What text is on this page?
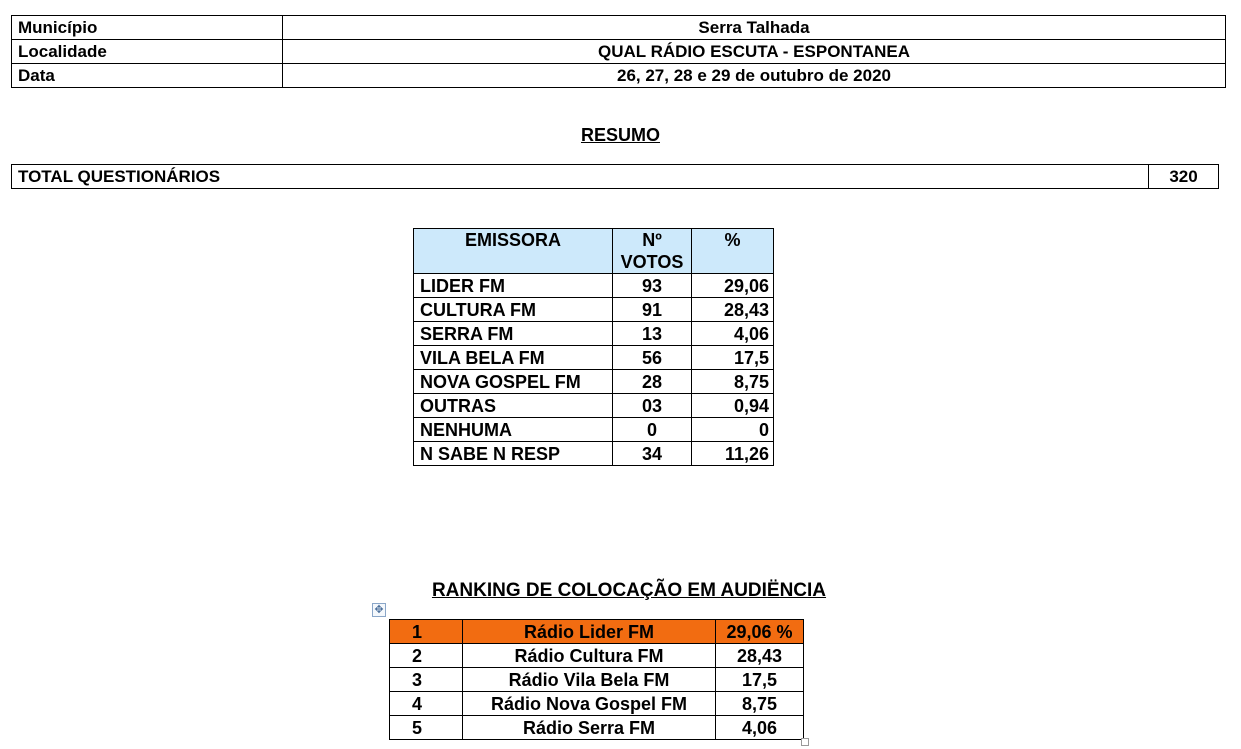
Município	Serra Talhada
Localidade	QUAL RÁDIO ESCUTA - ESPONTANEA
Data	26, 27, 28 e 29 de outubro de 2020
RESUMO
TOTAL QUESTIONÁRIOS	320
EMISSORA	Nº VOTOS	%
LIDER FM	93	29,06
CULTURA FM	91	28,43
SERRA FM	13	4,06
VILA BELA FM	56	17,5
NOVA GOSPEL FM	28	8,75
OUTRAS	03	0,94
NENHUMA	0	0
N SABE N RESP	34	11,26
RANKING DE COLOCAÇÃO EM AUDIËNCIA
✥
1	Rádio Lider FM	29,06 %
2	Rádio Cultura FM	28,43
3	Rádio Vila Bela FM	17,5
4	Rádio Nova Gospel FM	8,75
5	Rádio Serra FM	4,06
